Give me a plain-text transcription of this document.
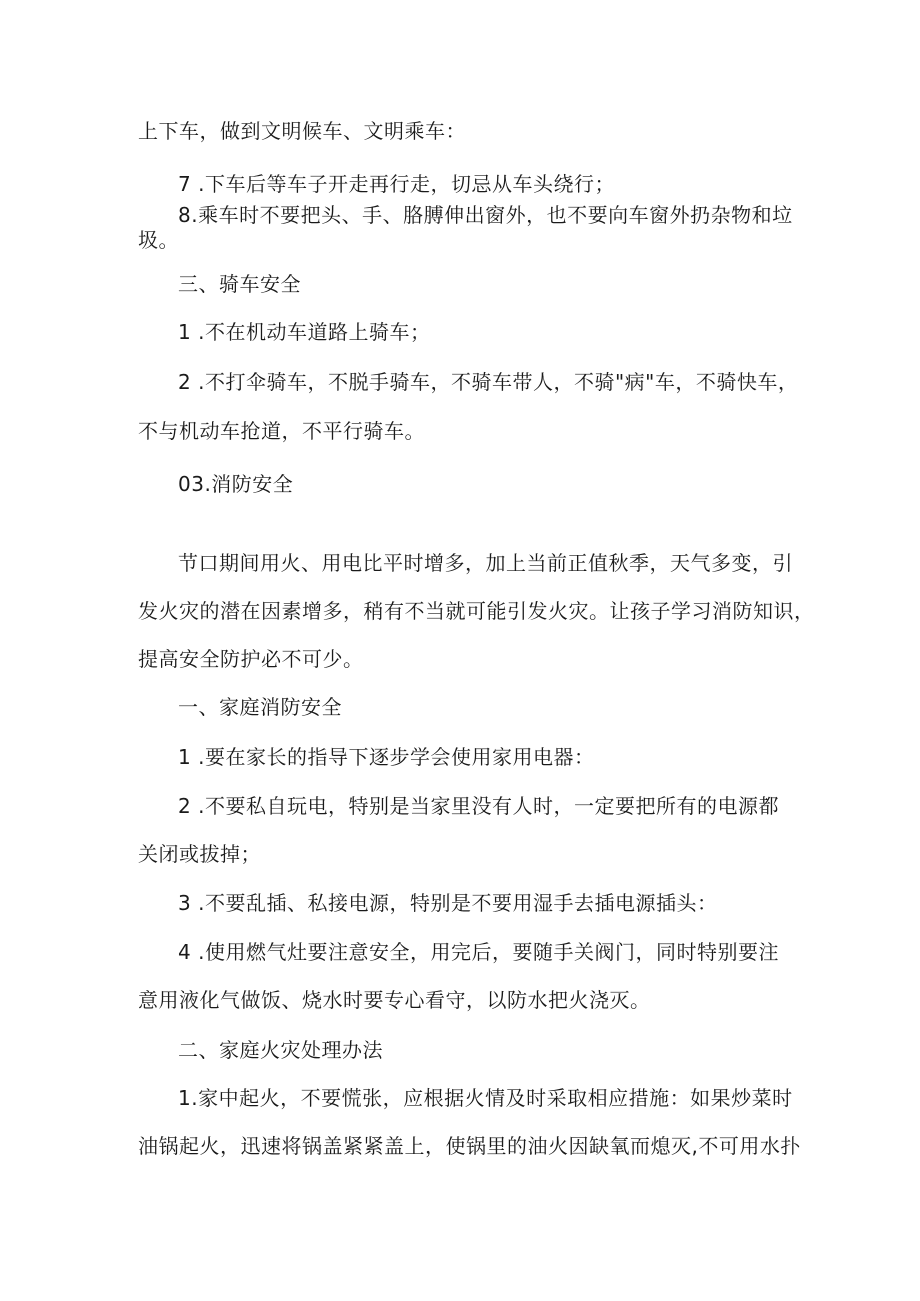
上下车，做到文明候车、文明乘车：
7 .下车后等车子开走再行走，切忌从车头绕行；
8.乘车时不要把头、手、胳膊伸出窗外，也不要向车窗外扔杂物和垃
圾。
三、骑车安全
1 .不在机动车道路上骑车；
2 .不打伞骑车，不脱手骑车，不骑车带人，不骑"病"车，不骑快车，
不与机动车抢道，不平行骑车。
03.消防安全
节口期间用火、用电比平时增多，加上当前正值秋季，天气多变，引
发火灾的潜在因素增多，稍有不当就可能引发火灾。让孩子学习消防知识，
提高安全防护必不可少。
一、家庭消防安全
1 .要在家长的指导下逐步学会使用家用电器：
2 .不要私自玩电，特别是当家里没有人时，一定要把所有的电源都
关闭或拔掉；
3 .不要乱插、私接电源，特别是不要用湿手去插电源插头：
4 .使用燃气灶要注意安全，用完后，要随手关阀门，同时特别要注
意用液化气做饭、烧水时要专心看守，以防水把火浇灭。
二、家庭火灾处理办法
1.家中起火，不要慌张，应根据火情及时采取相应措施：如果炒菜时
油锅起火，迅速将锅盖紧紧盖上，使锅里的油火因缺氧而熄灭,不可用水扑
